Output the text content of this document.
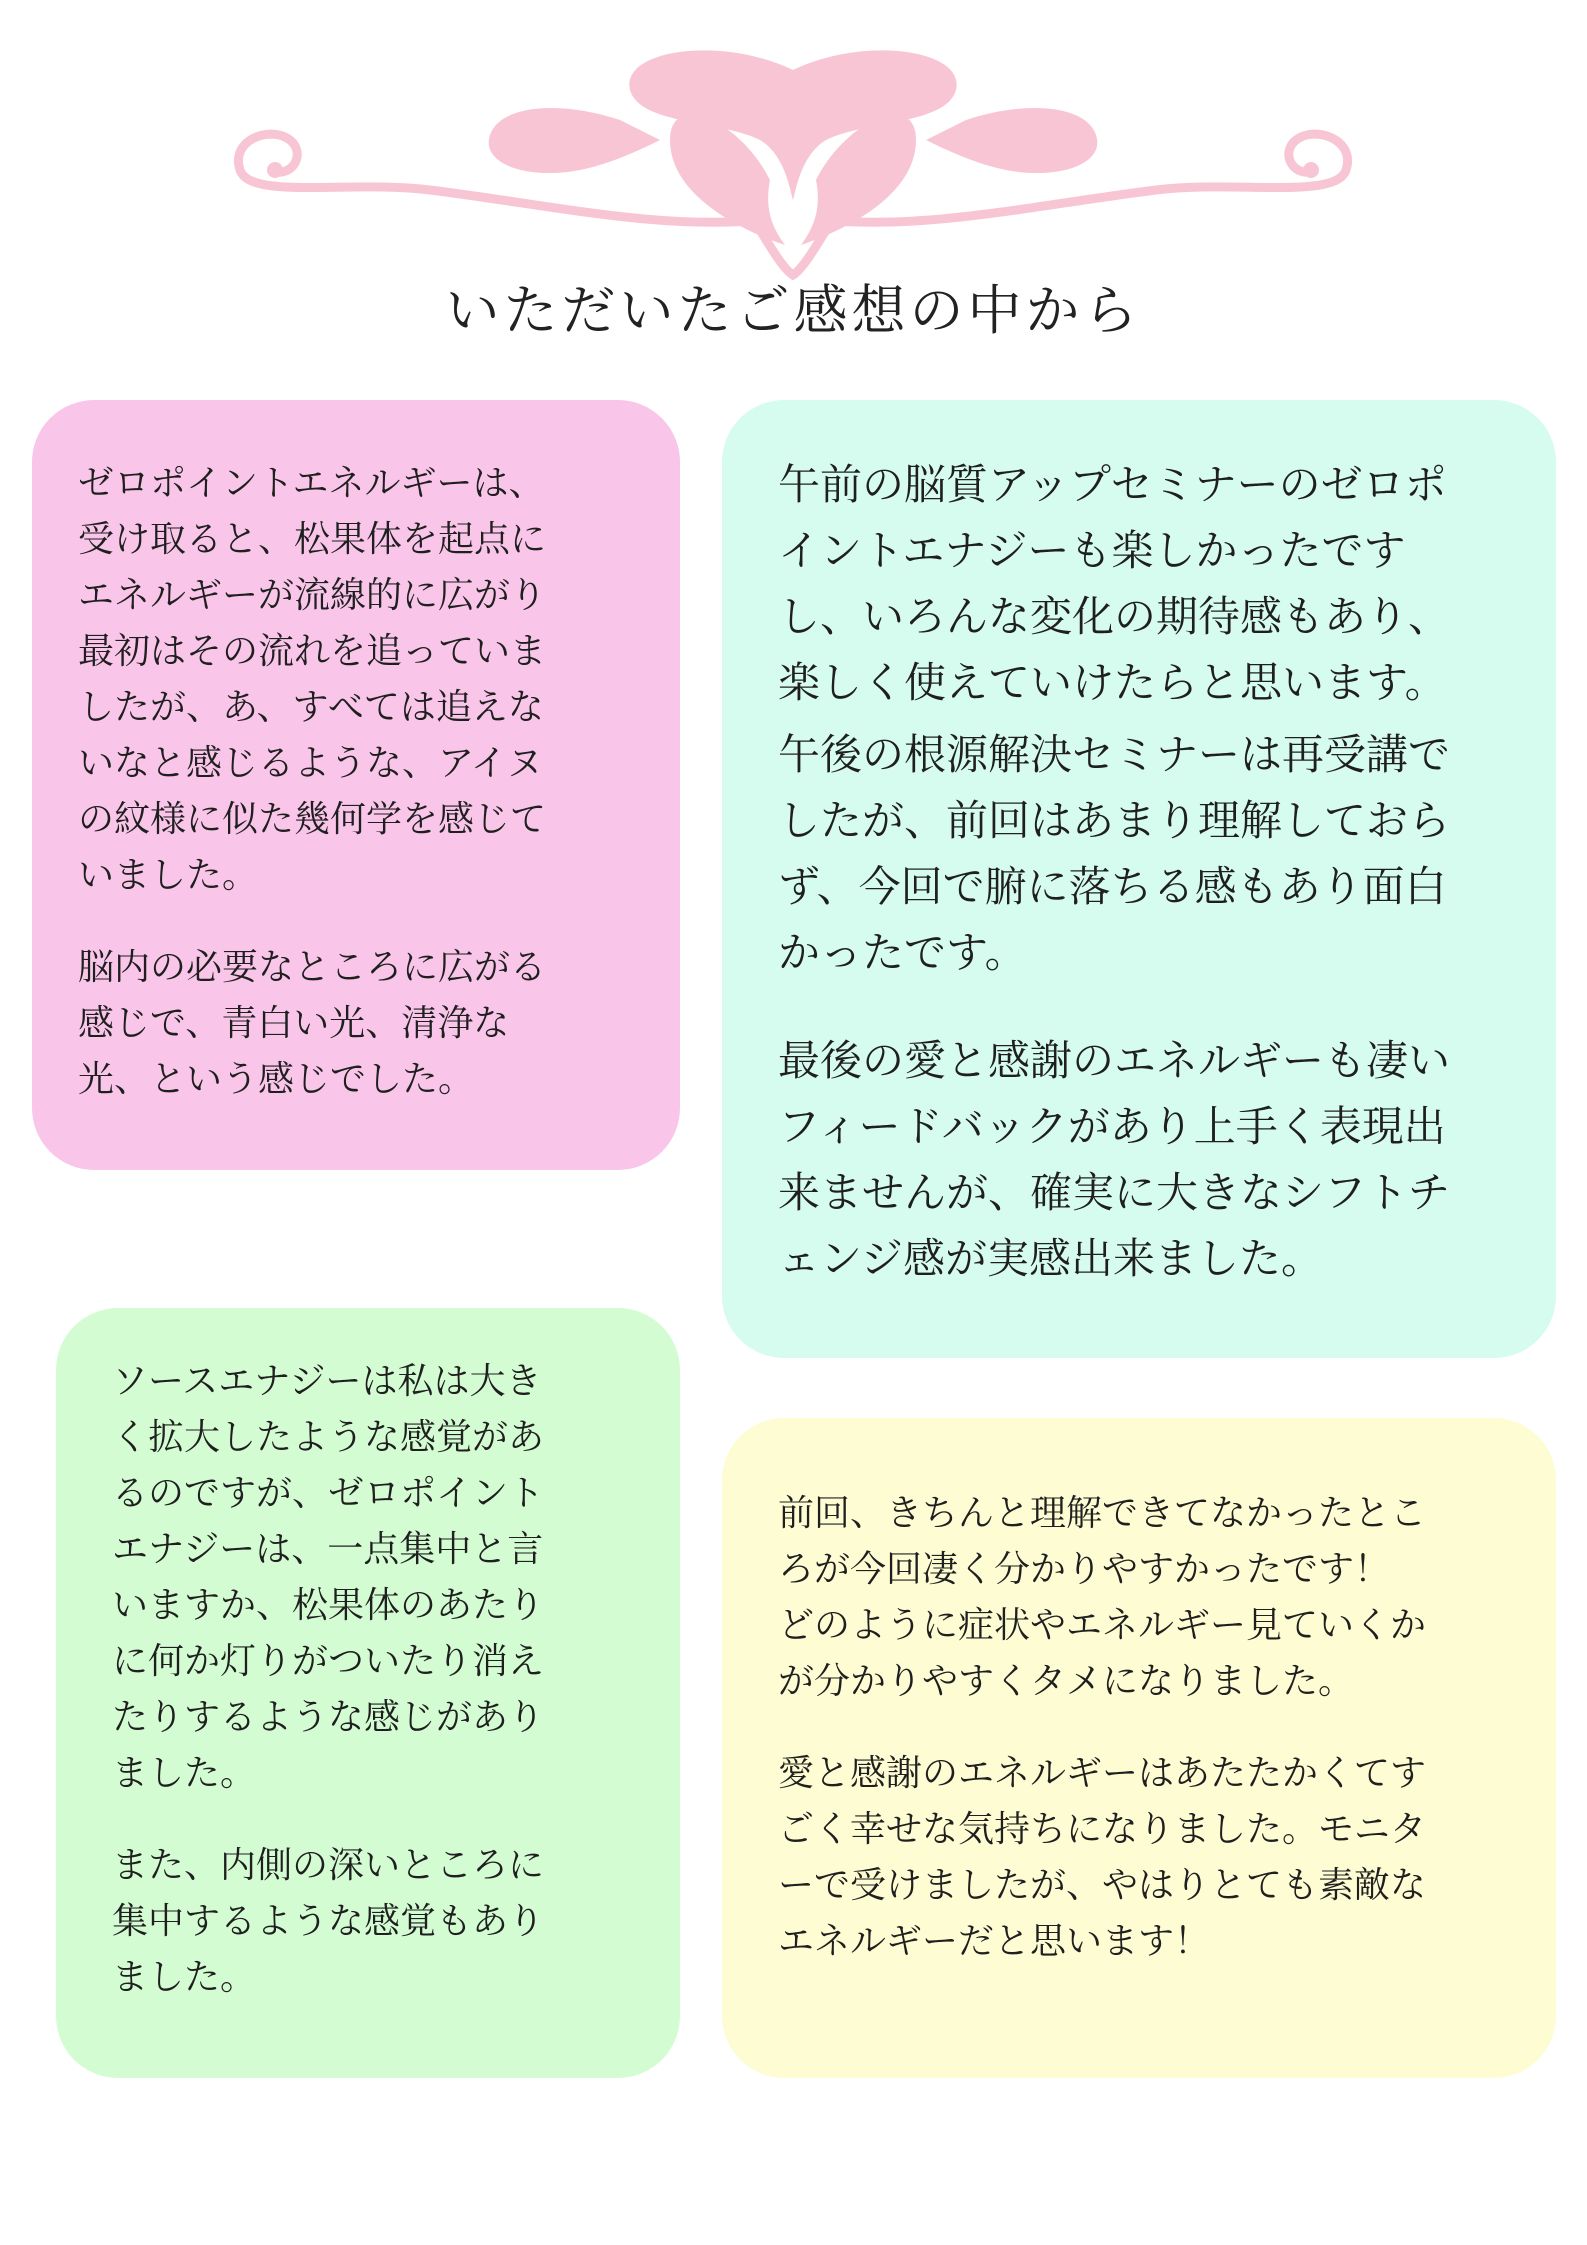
いただいたご感想の中から

ゼロポイントエネルギーは、
受け取ると、松果体を起点に
エネルギーが流線的に広がり
最初はその流れを追っていま
したが、あ、すべては追えな
いなと感じるような、アイヌ
の紋様に似た幾何学を感じて
いました。

脳内の必要なところに広がる
感じで、青白い光、清浄な
光、という感じでした。

午前の脳質アップセミナーのゼロポ
イントエナジーも楽しかったです
し、いろんな変化の期待感もあり、
楽しく使えていけたらと思います。

午後の根源解決セミナーは再受講で
したが、前回はあまり理解しておら
ず、今回で腑に落ちる感もあり面白
かったです。

最後の愛と感謝のエネルギーも凄い
フィードバックがあり上手く表現出
来ませんが、確実に大きなシフトチ
ェンジ感が実感出来ました。

ソースエナジーは私は大き
く拡大したような感覚があ
るのですが、ゼロポイント
エナジーは、一点集中と言
いますか、松果体のあたり
に何か灯りがついたり消え
たりするような感じがあり
ました。

また、内側の深いところに
集中するような感覚もあり
ました。

前回、きちんと理解できてなかったとこ
ろが今回凄く分かりやすかったです！
どのように症状やエネルギー見ていくか
が分かりやすくタメになりました。

愛と感謝のエネルギーはあたたかくてす
ごく幸せな気持ちになりました。モニタ
ーで受けましたが、やはりとても素敵な
エネルギーだと思います！
